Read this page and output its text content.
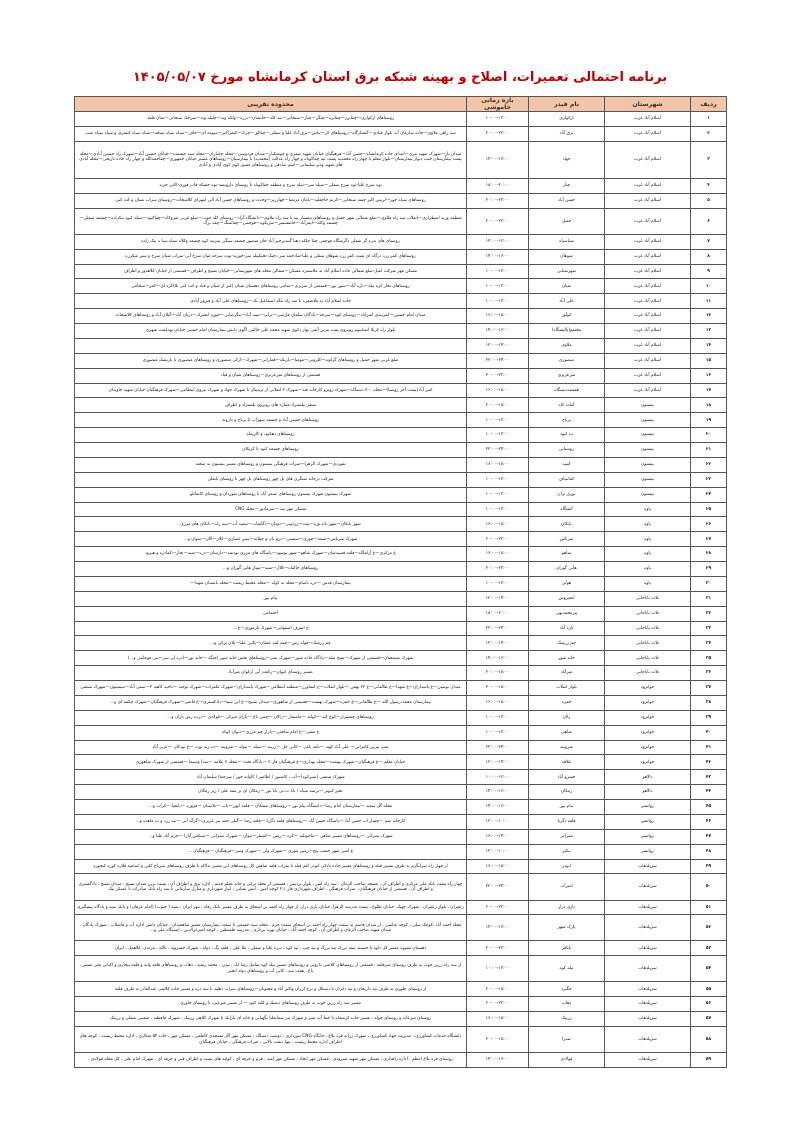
برنامه احتمالی تعمیرات، اصلاح و بهینه شبکه برق استان کرمانشاه مورخ ۱۴۰۵/۰۵/۰۷
ردیف	شهرستان	نام فیدر	بازه زمانی خاموشی	محدوده تقریبی
۱	اسلام آباد غرب	ارکوازی	۱۰:۰۰–۱۲:۰۰	روستاهای ارکوازی—چقاترر—چقاتره—چنگر—چتار—سبحانی—تیه کله—خانشان—بزره—ولکه وند—چلبله وند—سرخک سبحانی—میان قلعه
۲	اسلام آباد غرب	برق آباد	۲۰:۰۰–۲۲:۰۰	سه راهی ملاوی—جاده سازمان آب بلوار قبادی—گشتارگاه—روستاهای کر—بناس—برق آباد علیا و سفلی—چقالق—چرک—کتمراکبر—سومه ای—حاف—سیاه سیاه شیخه—سیاه سیاه کیمنری و سیاه سیاه عیب
۳	اسلام آباد غرب	جهاد	۱۴:۰۰–۱۶:۰۰	میدان بار—شهرک شهید نیری—ابتدای جاده کرمانشاه—حسن آباد—فرهنگیان خیابان شهید صفری و خوشکنار—میدان فردوسی—محله جانبازان—محله سید حشمت—خیابان حسین آباد—شهرک زاد حسین آبادی—محله پشت بیمارستان جنب دیوار بیمارستان—بلوار معلم تا چهار راه محمدیه پشت تپه چقاکوتاه و چهار راه عدالت (محمدیه) تا بیمارستان—روستاهای مسیر خیابان جمهوری—چقاحمدالله و چهار راه جاده تاریخی—محله آبادی های شهید ودیر سلیمانی—اسم صادقی و روستاهای مسیر کوی کوی آبادی و آبادی
۴	اسلام آباد غرب	چنار	۱۸:۰۰–۲۰:۰۰	توه سرخ علیا-توه سرخ سفلی—سیله سر—سله سرخ و منطقه چقاکوتاه تا روستای دارویشه-توه خشکه-قاب قوزی-کانی خرید
۵	اسلام آباد غرب	حسن آباد	۲۰:۰۰–۲۲:۰۰	روستاهای سیاه خور—لریس اکبر چقته سنجابی—کریم حاجعلیه—باغان مرتضا—چهارزبر—وحدت و روستاهای حسن آباد الی انتهرای کلاشحات—روستای سراب شبان و کت کنی
۶	اسلام آباد غرب	حمیل	۲۰:۰۰–۲۲:۰۰	منطقه وزنه اضطراری—انقلاب سه راه ملاوی—ضلع شمالی شهر حمیل و روستاهای تیمسار بیه تا سه راه ملاوی—دانشگاه آزاد—روستای کله جوب—ضلع غربی شروکاه—چقاکبود—سیله کبود بیکزاده—چشمه سفلی—چشمه وکله—ایمرآباد—خاتمسفیر—سریکوه—قوجمی—چقاسنگ—چقه برگ
۷	اسلام آباد غرب	سیاسیاه	۱۴:۰۰–۱۲:۰۰	روستای های بدره گز شفلی دگرشگاه قوجمی چقا خلکه دهنا گنبدبرخیر آباد خان منصور چشمه سنگی سربند کوه چشمه وکلاه سیاه سیا ه بیک زاده
۸	اسلام آباد غرب	شوهان	۱۴:۰۰–۱۶:۰۰	روستاهای کمر زرد درگاه ای شیت کمر زرد شوهان سفلی و علیا-شادجمه سر دخیک-تخیکبیله سر-خوریه-نوت سرخه میان سرخ آبی-سراب شبان سرخ و سیر منکرزه
۹	اسلام آباد غرب	شهرستانی	۱۰:۰۰–۱۲:۰۰	مسکن مهر شرکت اشل-ضلع شمالی جاده اسلام آباد به ملاشمره مسکن—شمالی محله های شهرستانی—خیابان بسیج و اطراف—قسمتی از خیابان کلاهدوز و اطراف
۱۰	اسلام آباد غرب	شیان	۱۰:۰۰–۱۲:۰۰	روستاهای تخار کره بیله—نازه آباد—سوز بوز—قسمتی از سربزی—تمامی روستاهای دهستان شیان (غیر از شیان و قباد و کت کنی بلا)کره ای—کمر—سحامی
۱۱	اسلام آباد غرب	علی آباد	۱۰:۰۰–۱۲:۰۰	جاده اسلام آباد به ملاشمره تا سه راه تنگه اسماعیل بک—روستاهای علی آباد و فیروز آبادی
۱۲	اسلام آباد غرب	کوآور	۱۶:۰۰–۱۸:۰۰	میدان امام حسین—کمربندی امیراباد—روستای کوه—سرخه—پادگان سلمان فارسی—تراب—سید آباد—بیگرضایی—حوزه انجیرک—دربان آباد—گیلان آباد و روستاهای کلاشحات
۱۳	اسلام آباد غرب	مجتمع(پالیشگاه)	۱۴:۰۰–۱۶:۰۰	بلوار راه کربلا استانیوم روبروی پمپ بنزین آشی بهار دکوی شهید محمد علی خالقی اگوی دانش بیمارستان امام خمینی خیابان بهداشت شهری
۱۴	اسلام آباد غرب	ملاوی	۱۲:۰۰–۱۴:۰۰	
۱۵	اسلام آباد غرب	منصوری	۲۲:۰۰–۲۴:۰۰	ضلع غربی شهر حمیل و روستاهای گراوند—کلرونی—مومیا—بازیکه—قمارانی—شهرک—ارکی منصوری و روستاهای منصوری تا بازنشک منصوری
۱۶	اسلام آباد غرب	میرعزیزی	۲۰:۰۰–۲۲:۰۰	قسمتی از روستاهای میرعزیزی—روستاهای شیان و قباد
۱۷	اسلام آباد غرب	هفتصددستگاه	۱۶:۰۰–۱۸:۰۰	امیر آباد(پست آخر روستا)—محله ۷۰۰ دستگاه—شهرک روبرو کارخانه قند—شهرک ۲ انقلابی از ترمینال تا شهرک جهاد و شهرک نیروی انتظامی—شهرک فرهنگیان خیابان شهید جاویدان
۱۸	بیستون	آماده کاه	۲۰:۰۰–۱۸:۰۰	سنقر بیلستراد مقاره های روبروی بلستراد و اطراف
۱۹	بیستون	برناج	۱۰:۰۰–۱۲:۰۰	روستاهای حسین آباد و چشمه سهراب تا برناج و دارونه
۲۰	بیستون	ده کبود	۱۰:۰۰–۱۲:۰۰	روستاهای دهکبود و کازیماه
۲۱	بیستون	روستایی	۲۲:۰۰–۲۴:۰۰	روستاهای چشمه کبود تا کربکان
۲۲	بیستون	کتیبه	۱۶:۰۰–۱۸:۰۰	نقوردی—شهرک الزهرا—میراث فرهنگی بیستون و روستاهای مسیر بیستون به صحنه
۲۳	بیستون	کمانیباف	۱۰:۰۰–۱۲:۰۰	شرکت درخانه سنگری های پل چهر روستاهای پل چهر تا روستای بابعلی
۲۴	بیستون	نوزی بران	۱۰:۰۰–۱۲:۰۰	شهرک بیستون شهرک بیستون روستاهای سنقر آباد تا روستاهای نقوردان و روستای کاشانلو
۲۵	پاوه	آتشگاه	۱۰:۰۰–۱۲:۰۰	مسکن مهر تپه —سرمادور—محله CNG
۲۶	پاوه	بابکان	۱۶:۰۰–۱۸:۰۰	شهر بابکان—شهر بانه وره—نیت—زردوبی—دودان—دگامیاب—سفید آب—سه راه—بابکان های مرزی
۲۷	پاوه	سرباس	۲۰:۰۰–۲۲:۰۰	شهرک سرباس—شمه—چوری—سنسی—درم بان و چیلانه—سپر عصاری—کلاز—الان—سوان و...
۲۸	پاوه	شاهو	۱۶:۰۰–۱۸:۰۰	ع مرکزی—ع آرامگاه—قلعه قسیدشان—شهرک شاهو—شهر نوسود—پاسگاه های مرزی نودشه—دارسان—دره—شنه—نجار—کمادره و هیرود
۲۹	پاوه	هانی گوران	۲۰:۰۰–۲۲:۰۰	روستاهای خالقاه—کلال—شنه—پمپاژ هانی گوران و...
۳۰	پاوه	هولی	۱۰:۰۰–۱۲:۰۰	بیمارستان قدس —دره باسام—محله ته کوله —محله محیط زیست—محله بانصبان شهدا—
۳۱	ثلاث باباجانی	انجیروس	۱۲:۰۰–۱۴:۰۰	پیام نور
۳۲	ثلاث باباجانی	پیرمحمدیهی	۱۸:۰۰–۲۰:۰۰	احتمامی
۳۳	ثلاث باباجانی	تازه آباد	۲۲:۰۰–۲۴:۰۰	ع اشرف اصفهانی—شهرک تازموری—ع....
۳۴	ثلاث باباجانی	چم زرشک	۱۲:۰۰–۱۴:۰۰	چم زرشک—قوله رش—چمه لمه عثمان—پلانی علیا—پلان ترکی و...
۳۵	ثلاث باباجانی	خانه شور	۱۴:۰۰–۱۶:۰۰	شهرک سیمجیان—قسمتی از شهرک—شیخ صله—پادگاه جاده شور—شهرک نصر—روستاهای بخش خانه شور (جیگه —خانه نور—ادره لی سر—بنی قوجامی و...)
۳۶	ثلاث باباجانی	میرآباد	۲۰:۰۰–۱۸:۰۰	مسیر روستای کیوان—رکعت آبی ارکوان میرآباد
۳۷	جوانرود	بلوار انقلاب	۲۰:۰۰–۱۸:۰۰	میدان نوشین—ع پاسداران—ع شهدا—ع طالقانی—ع ۲۲ بهمن —بلوار انقلاب—ع کشاورز—منطقه انتظامی—شهرک پاسداران—شهرک علمزاده—شهرک توحید —ناحیه کاهیه ۲—صفی آباد—سیقیتون—شهرک صنعتی
۳۸	جوانرود	حمزه	۱۶:۰۰–۱۸:۰۰	بیمارستان محمد رسول الله —ع طالقانی—ع حمزه—شهرک بهشت—قسمتی از شاهوزی—میدان بسیج—ع ابن سینا—دادکستری—ع قاضی—شهرک فرهنگیان—شهرک چکمه ای و...
۳۹	جوانرود	زلان	۱۰:۰۰–۱۲:۰۰	روستاهای چمسرار—کوچ کپه —کولته —مامشار —زالان —چمی باغ —بازان میرکی —قولادی —درده رش بازان و...
۴۰	جوانرود	شاهی	۱۰:۰۰–۱۲:۰۰	ع مفتی—ع امام شافعی—بازار چم مرزی—دیوان کوکه
۴۱	جوانرود	شروینه	۲۲:۰۰–۲۴:۰۰	پمپ بنزین کامرانی— علی آباد کهنه —نامه باغی —کانی خل —زرینه —سیله —بیوله —شروینه —ده زنه بوت —ع تودکان —عزیز آباد
۴۲	جوانرود	علاقه	۱۲:۰۰–۱۴:۰۰	خیابان معلم —ع فرهنگیان—شهرک بهشت—محله بهداری—ع فرهنگیان فاز ۲ —پادگاه تخت —محله ۳ علامه —صدا وسیما —قسمتی از شهرک شاهوزی
۴۳	دالاهو	خسرو آباد	۱۰:۰۰–۱۲:۰۰	شهرک صنعتی (شیرکوه)—آب ، کانسور / اطاصر / کاوانه خور / سرجنة/ سلیمان آباد
۴۴	دالاهو	زمکان	۱۴:۰۰–۱۶:۰۰	تخیر کبوتر —پرشه سیاه / بابا ت.تی بابا نور —زمکان ای بر تنقه علی / زیر زمکان
۴۵	روانسر	بیام نور	۱۴:۰۰–۱۶:۰۰	محله گل سفید —بیمارستان امام رضا—دانشگاه پیام نور —روستاهای مشکان —قلعه ابهن—باب —بلاسنان —قروزه —بابجیا —کراب و...
۴۶	روانسر	قلعه دگریا	۱۲:۰۰–۱۰:۰۰	کارخانه سم —چمیاز اب حسن آباد —پاسگاه حسن آباد —روستاهای قلعه دگریا —قلعه رضا —گیلی جمه بیر عزیزی—گرگه آبی —تیه زرد و ده ماهده و...
۴۷	روانسر	نصراتی	۱۶:۰۰–۱۴:۰۰	شهرک نصراتی —روستاهای مسیر شاهی —ماخونلیه —کره —ریس —کمنتئر—نیوان —شهرک نصراتی —سبکس آبارا —خرم آباد علیا و...
۴۸	روانسر	نیکیز	۱۲:۰۰–۱۰:۰۰	ع امنی شهر حسب پنج—زمین تنوری —شهرک ولی —شهرک وسر—فرهنگیان —فرهنگیان ...
۴۹	سرپلذهاب	ابوذر	۱۶:۰۰–۱۸:۰۰	از چهار راه سرابگرم به طرف مسیر قبله و روستاهای مسیر جاده بادکی ابوذر اعم قبله تا سراب قلعه شاهین کل روستاهای این مسیر یدلاکه تا طرف روستاهای سرباخ کلین و اسامیه قلاره کوره کنجوره
۵۰	سرپلذهاب	امیرآب	۲۲:۰۰–۲۴:۰۰	چهار راه پشت بانک ملی مرکزی و اطراف آن ، مسجد صاحب الزمان ، سه راه امیر ، بلوار بردیس ، قسمتی از محله ترانی و خانه معلم قدیم ، اداره برق و اطراف آن ، پست بزین میدان بسیج ، میدان بسیج ، دادگستری و اطراف آن ، قسمتی از خیابان فرهنگیان ، میراث فرهنگی ، اطراف شهرداری فاز ۲٫۱ کوچه امین ، آتش نشانی ، انبار شهرداری و منازل سازمانی تا سه راه بانک صادرات تا عسکر بیک
۵۱	سرپلذهاب	بازی دراز	۲۰:۰۰–۲۲:۰۰	زعفران ، بلوار زعفران ، شهرک چهیاد، خیابان طلوع ، پست مدرسه الزهرا، خیابان بازی دراز، از چهار راه احمد بن اسحاق به طرف مسیر بانک رفاه ، مهر ایران ، سپه ( جنوب) (امام عرفان) و بانک سپه و پادگاه پیشگیری
۵۲	سرپلذهاب	پارک شهر	۱۴:۰۰–۱۶:۰۰	محله احمد آباد ،کوچک سلی ، کوچه عباسی ، از میدان قاسم به سمت چهار راه احمد بن اسحاق سمت حرم ، محله سید جسمی تا سمت بیمارستان مسیر شاهمیدان ، خیابان دانش اداره آب و فاضلاب ، شهرک پادگان ، میدان شهید صاحب الزمان و اطراف آن ، کوچه احمد آباد ، خیابان بهره برداری ، مدرسه فلسطین ، کوچه امیرعزالدین ، ایستگاه ملی و...
۵۳	سرپلذهاب	باباقر	۲۰:۰۰–۲۲:۰۰	دهستان بشیوه مسیر کل داوه تا حسینه نیمه بزرک تپه بزرگ و تپه چپ ، تپه کوه ، دیزه علیا و سفلی ، ملا علی ، قلعه بگ ، دوله ، شهرک خسرویه ، تالله ، مرندی، کلاهمل ، ایران
۵۴	سرپلذهاب	تیله کوه	۱۰:۰۰–۱۲:۰۰	از سه راه زرین جوب به طرف روستای سرقلعه ، قسمتی از روستاهای کلاشی دارویی و روستاهای مسیر تیله کوه شامل رضا اباد ، بیژن ، محمد رشید ، ذهاب و روستاهای قلعه وایه و قلعه بیجاری و اکبانی یخی مسیر ، باغ ، هفت سه ، کانی آب و روستاهای دوله انجیر
۵۵	سرپلذهاب	جگیرد	۲۰:۰۰–۱۸:۰۰	از روستای جلوزی به طرف تپه داریخان و تپه دابران تا دستکل و برج لرزان واکبر آباد و مجنونان—روستاهای سراب دهلیه تا سه دره و مسیر جاده کلاشی عبدالقادر به طرف قلعه
۵۶	سرپلذهاب	ذهاب	۲۰:۰۰–۲۲:۰۰	مسیر سه راه زرین جوب به طرف روستاهای دستک و کلیه کبود — از مسیر میرعبرد تا روستای جاوری
۵۷	سرپلذهاب	زرینک	۱۶:۰۰–۱۸:۰۰	روستای میرعابد و روستای جوله ، مسیر جاده کرمشاه تا خط آب شیر و شهرک تیر سمانعلیا نگهبانی و خانه ای بارانک تا شهرک کلاهی زرینک ، شهرک حافظیه ، شعیبی شفلی و زرینک
۵۸	سرپلذهاب	صدرا	۲۰:۰۰–۱۸:۰۰	دانشگاه خدمات کشاورزی ، مدیریت جهاد کشاورزی ، شهرک زرانه قره بلاغ ، جایگاه CNG تنورداری ، دوست دستگاه ، مسکن مهر گاز مسجدی کاظمی ، مسکن مهر ، جاده ۵۴ متکاری ، اداره محیط زیست ، کوچه های اطراف اداره محیط زیست ، تنها دشت بالایی ، میراث فرهنگی ، خیابان فرهنگیان
۵۹	سرپلذهاب	فولادی	۱۴:۰۰–۱۶:۰۰	روستای قره بلاغ اعظم ، اداره راهداری ، مسکن مهر شهید شیرودی ، مسکن مهر اتحاد ، مسکن مهر امید ، قرم و حرفه ای ، کوچه های پشت و اطراف فنی و حرفه ای ، شهرک امام علی ، کل محله قولادی ،
